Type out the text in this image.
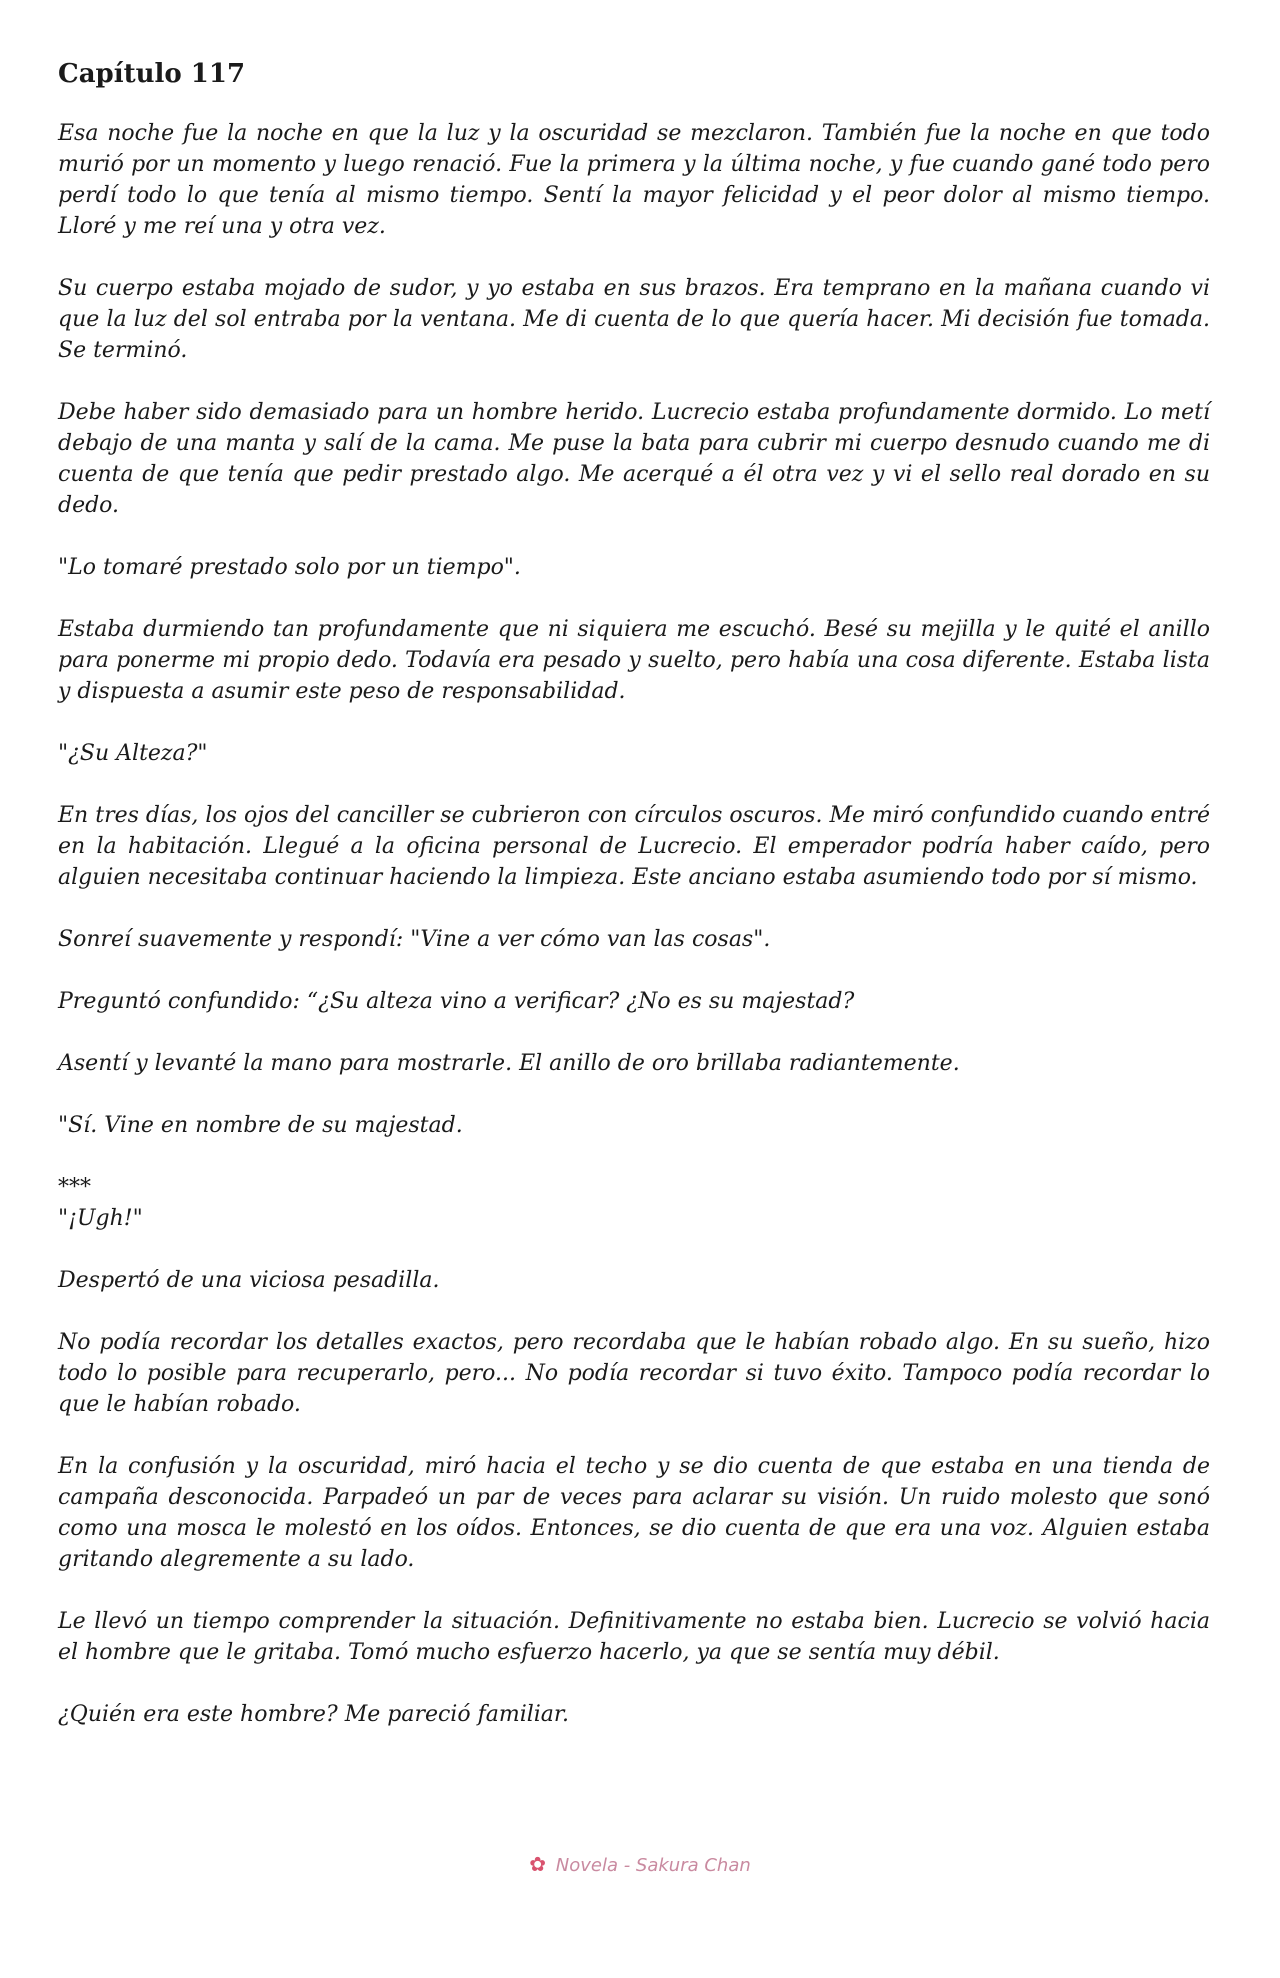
Capítulo 117

Esa noche fue la noche en que la luz y la oscuridad se mezclaron. También fue la noche en que todo murió por un momento y luego renació. Fue la primera y la última noche, y fue cuando gané todo pero perdí todo lo que tenía al mismo tiempo. Sentí la mayor felicidad y el peor dolor al mismo tiempo. Lloré y me reí una y otra vez.

Su cuerpo estaba mojado de sudor, y yo estaba en sus brazos. Era temprano en la mañana cuando vi que la luz del sol entraba por la ventana. Me di cuenta de lo que quería hacer. Mi decisión fue tomada. Se terminó.

Debe haber sido demasiado para un hombre herido. Lucrecio estaba profundamente dormido. Lo metí debajo de una manta y salí de la cama. Me puse la bata para cubrir mi cuerpo desnudo cuando me di cuenta de que tenía que pedir prestado algo. Me acerqué a él otra vez y vi el sello real dorado en su dedo.

"Lo tomaré prestado solo por un tiempo".

Estaba durmiendo tan profundamente que ni siquiera me escuchó. Besé su mejilla y le quité el anillo para ponerme mi propio dedo. Todavía era pesado y suelto, pero había una cosa diferente. Estaba lista y dispuesta a asumir este peso de responsabilidad.

"¿Su Alteza?"

En tres días, los ojos del canciller se cubrieron con círculos oscuros. Me miró confundido cuando entré en la habitación. Llegué a la oficina personal de Lucrecio. El emperador podría haber caído, pero alguien necesitaba continuar haciendo la limpieza. Este anciano estaba asumiendo todo por sí mismo.

Sonreí suavemente y respondí: "Vine a ver cómo van las cosas".

Preguntó confundido: “¿Su alteza vino a verificar? ¿No es su majestad?

Asentí y levanté la mano para mostrarle. El anillo de oro brillaba radiantemente.

"Sí. Vine en nombre de su majestad.

***

"¡Ugh!"

Despertó de una viciosa pesadilla.

No podía recordar los detalles exactos, pero recordaba que le habían robado algo. En su sueño, hizo todo lo posible para recuperarlo, pero... No podía recordar si tuvo éxito. Tampoco podía recordar lo que le habían robado.

En la confusión y la oscuridad, miró hacia el techo y se dio cuenta de que estaba en una tienda de campaña desconocida. Parpadeó un par de veces para aclarar su visión. Un ruido molesto que sonó como una mosca le molestó en los oídos. Entonces, se dio cuenta de que era una voz. Alguien estaba gritando alegremente a su lado.

Le llevó un tiempo comprender la situación. Definitivamente no estaba bien. Lucrecio se volvió hacia el hombre que le gritaba. Tomó mucho esfuerzo hacerlo, ya que se sentía muy débil.

¿Quién era este hombre? Me pareció familiar.

✿ Novela - Sakura Chan
